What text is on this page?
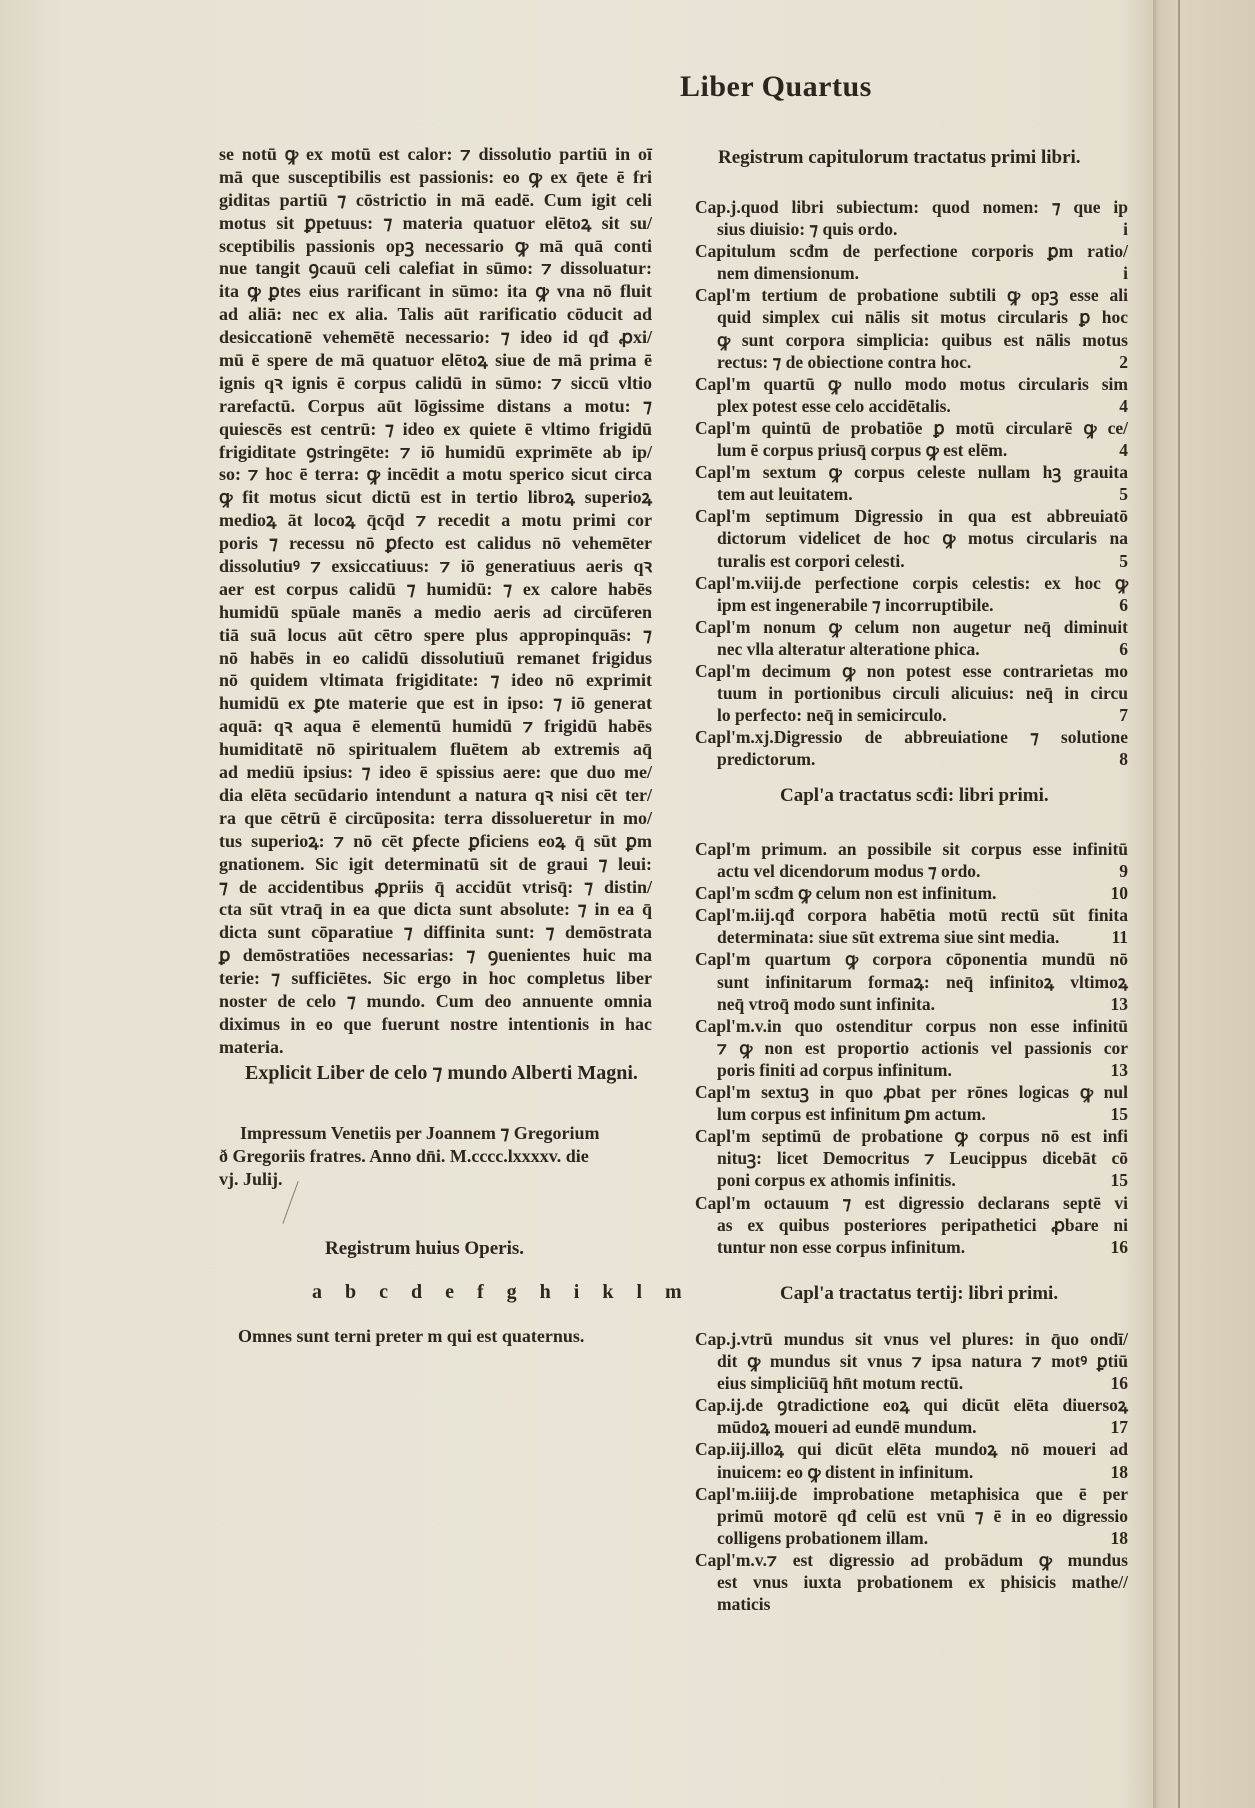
Liber Quartus
se notū ꝙ ex motū est calor: ⁊ dissolutio partiū in oī
mā que susceptibilis est passionis: eo ꝙ ex q̄ete ē fri
giditas partiū ⁊ cōstrictio in mā eadē. Cum igit celi
motus sit ꝑpetuus: ⁊ materia quatuor elētoꝝ sit su/
sceptibilis passionis opꝫ necessario ꝙ mā quā conti
nue tangit ꝯcauū celi calefiat in sūmo: ⁊ dissoluatur:
ita ꝙ ꝑtes eius rarificant in sūmo: ita ꝙ vna nō fluit
ad aliā: nec ex alia. Talis aūt rarificatio cōducit ad
desiccationē vehemētē necessario: ⁊ ideo id qđ ꝓxi/
mū ē spere de mā quatuor elētoꝝ siue de mā prima ē
ignis qꝛ ignis ē corpus calidū in sūmo: ⁊ siccū vltio
rarefactū. Corpus aūt lōgissime distans a motu: ⁊
quiescēs est centrū: ⁊ ideo ex quiete ē vltimo frigidū
frigiditate ꝯstringēte: ⁊ iō humidū exprimēte ab ip/
so: ⁊ hoc ē terra: ꝙ incēdit a motu sperico sicut circa
ꝙ fit motus sicut dictū est in tertio libroꝝ superioꝝ
medioꝝ āt locoꝝ q̄cq̄d ⁊ recedit a motu primi cor
poris ⁊ recessu nō ꝑfecto est calidus nō vehemēter
dissolutiuꝰ ⁊ exsiccatiuus: ⁊ iō generatiuus aeris qꝛ
aer est corpus calidū ⁊ humidū: ⁊ ex calore habēs
humidū spūale manēs a medio aeris ad circūferen
tiā suā locus aūt cētro spere plus appropinquās: ⁊
nō habēs in eo calidū dissolutiuū remanet frigidus
nō quidem vltimata frigiditate: ⁊ ideo nō exprimit
humidū ex ꝑte materie que est in ipso: ⁊ iō generat
aquā: qꝛ aqua ē elementū humidū ⁊ frigidū habēs
humiditatē nō spiritualem fluētem ab extremis aq̄
ad mediū ipsius: ⁊ ideo ē spissius aere: que duo me/
dia elēta secūdario intendunt a natura qꝛ nisi cēt ter/
ra que cētrū ē circūposita: terra dissolueretur in mo/
tus superioꝝ: ⁊ nō cēt ꝑfecte ꝑficiens eoꝝ q̄ sūt ꝑm
gnationem. Sic igit determinatū sit de graui ⁊ leui:
⁊ de accidentibus ꝓpriis q̄ accidūt vtrisq̄: ⁊ distin/
cta sūt vtraq̄ in ea que dicta sunt absolute: ⁊ in ea q̄
dicta sunt cōparatiue ⁊ diffinita sunt: ⁊ demōstrata
ꝑ demōstratiōes necessarias: ⁊ ꝯuenientes huic ma
terie: ⁊ sufficiētes. Sic ergo in hoc completus liber
noster de celo ⁊ mundo. Cum deo annuente omnia
diximus in eo que fuerunt nostre intentionis in hac
materia.
Explicit Liber de celo ⁊ mundo Alberti Magni.
Impressum Venetiis per Joannem ⁊ Gregorium
ð Gregoriis fratres. Anno dn̄i. M.cccc.lxxxxv. die
vj. Julij.
Registrum huius Operis.
a b c d e f g h i k l m
Omnes sunt terni preter m qui est quaternus.
Registrum capitulorum tractatus primi libri.
Cap.j.quod libri subiectum: quod nomen: ⁊ que ip
sius diuisio: ⁊ quis ordo.	i
Capitulum scđm de perfectione corporis ꝑm ratio/
nem dimensionum.	i
Capl'm tertium de probatione subtili ꝙ opꝫ esse ali
quid simplex cui nālis sit motus circularis ꝑ hoc
ꝙ sunt corpora simplicia: quibus est nālis motus
rectus: ⁊ de obiectione contra hoc.	2
Capl'm quartū ꝙ nullo modo motus circularis sim
plex potest esse celo accidētalis.	4
Capl'm quintū de probatiōe ꝑ motū circularē ꝙ ce/
lum ē corpus priusq̄ corpus ꝙ est elēm.	4
Capl'm sextum ꝙ corpus celeste nullam hꝫ grauita
tem aut leuitatem.	5
Capl'm septimum Digressio in qua est abbreuiatō
dictorum videlicet de hoc ꝙ motus circularis na
turalis est corpori celesti.	5
Capl'm.viij.de perfectione corpis celestis: ex hoc ꝙ
ipm est ingenerabile ⁊ incorruptibile.	6
Capl'm nonum ꝙ celum non augetur neq̄ diminuit
nec vlla alteratur alteratione phica.	6
Capl'm decimum ꝙ non potest esse contrarietas mo
tuum in portionibus circuli alicuius: neq̄ in circu
lo perfecto: neq̄ in semicirculo.	7
Capl'm.xj.Digressio de abbreuiatione ⁊ solutione
predictorum.	8
Capl'a tractatus scđi: libri primi.
Capl'm primum. an possibile sit corpus esse infinitū
actu vel dicendorum modus ⁊ ordo.	9
Capl'm scđm ꝙ celum non est infinitum.	10
Capl'm.iij.qđ corpora habētia motū rectū sūt finita
determinata: siue sūt extrema siue sint media.	11
Capl'm quartum ꝙ corpora cōponentia mundū nō
sunt infinitarum formaꝝ: neq̄ infinitoꝝ vltimoꝝ
neq̄ vtroq̄ modo sunt infinita.	13
Capl'm.v.in quo ostenditur corpus non esse infinitū
⁊ ꝙ non est proportio actionis vel passionis cor
poris finiti ad corpus infinitum.	13
Capl'm sextuꝫ in quo ꝓbat per rōnes logicas ꝙ nul
lum corpus est infinitum ꝑm actum.	15
Capl'm septimū de probatione ꝙ corpus nō est infi
nituꝫ: licet Democritus ⁊ Leucippus dicebāt cō
poni corpus ex athomis infinitis.	15
Capl'm octauum ⁊ est digressio declarans septē vi
as ex quibus posteriores peripathetici ꝓbare ni
tuntur non esse corpus infinitum.	16
Capl'a tractatus tertij: libri primi.
Cap.j.vtrū mundus sit vnus vel plures: in q̄uo ondī/
dit ꝙ mundus sit vnus ⁊ ipsa natura ⁊ motꝰ ꝑtiū
eius simpliciūq̄ hn̄t motum rectū.	16
Cap.ij.de ꝯtradictione eoꝝ qui dicūt elēta diuersoꝝ
mūdoꝝ moueri ad eundē mundum.	17
Cap.iij.illoꝝ qui dicūt elēta mundoꝝ nō moueri ad
inuicem: eo ꝙ distent in infinitum.	18
Capl'm.iiij.de improbatione metaphisica que ē per
primū motorē qđ celū est vnū ⁊ ē in eo digressio
colligens probationem illam.	18
Capl'm.v.⁊ est digressio ad probādum ꝙ mundus
est vnus iuxta probationem ex phisicis mathe//
maticis
